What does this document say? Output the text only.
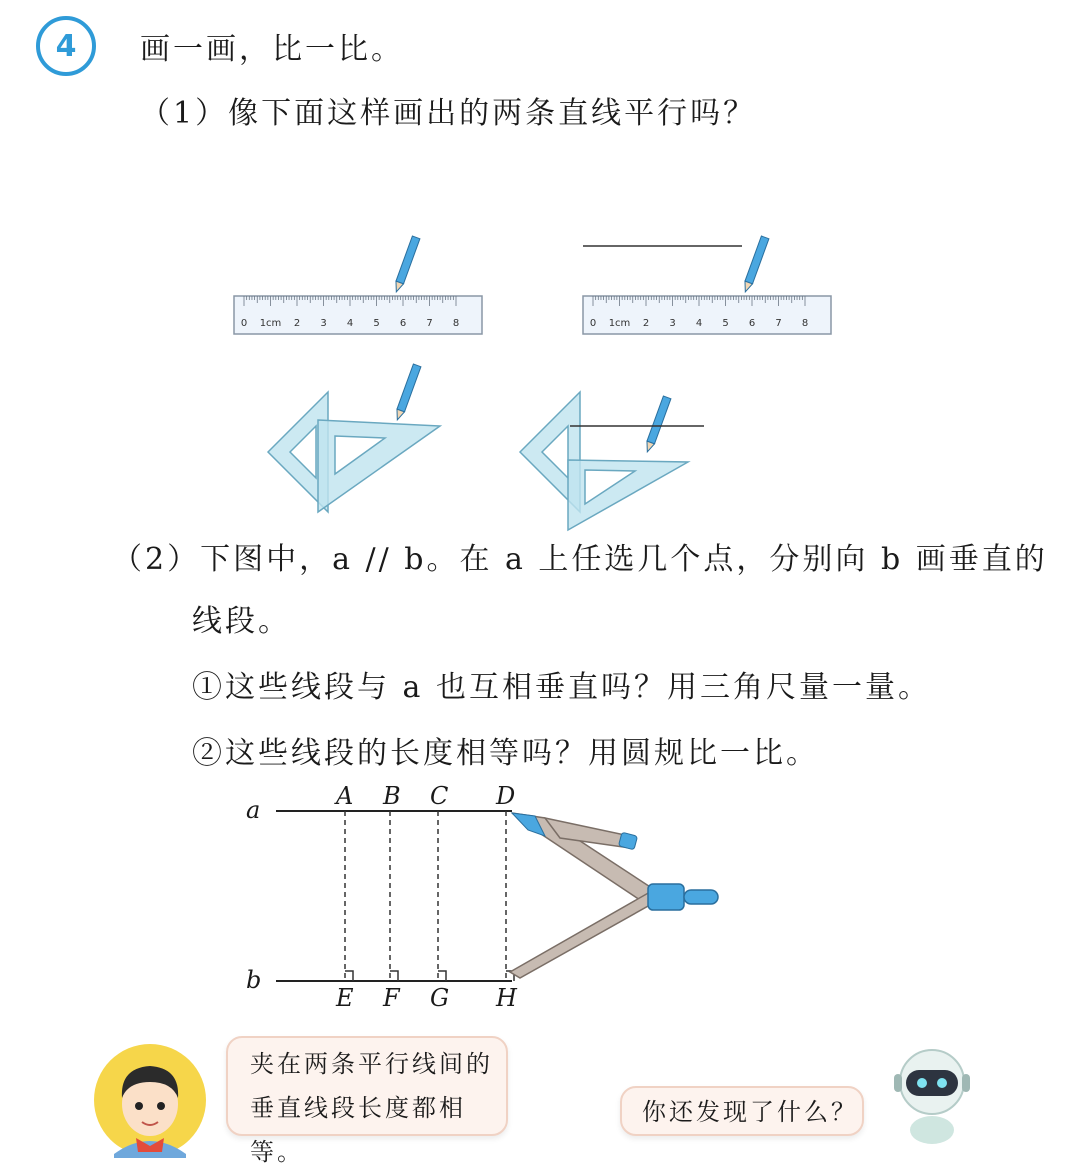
4 画一画，比一比。
（1）像下面这样画出的两条直线平行吗？
0 1cm 2 3 4 5 6 7 8	0 1cm 2 3 4 5 6 7 8
（2）下图中，a // b。在 a 上任选几个点，分别向 b 画垂直的
线段。
①这些线段与 a 也互相垂直吗？用三角尺量一量。
②这些线段的长度相等吗？用圆规比一比。
a
b
A B C D
E F G H
夹在两条平行线间的
垂直线段长度都相等。
你还发现了什么？
